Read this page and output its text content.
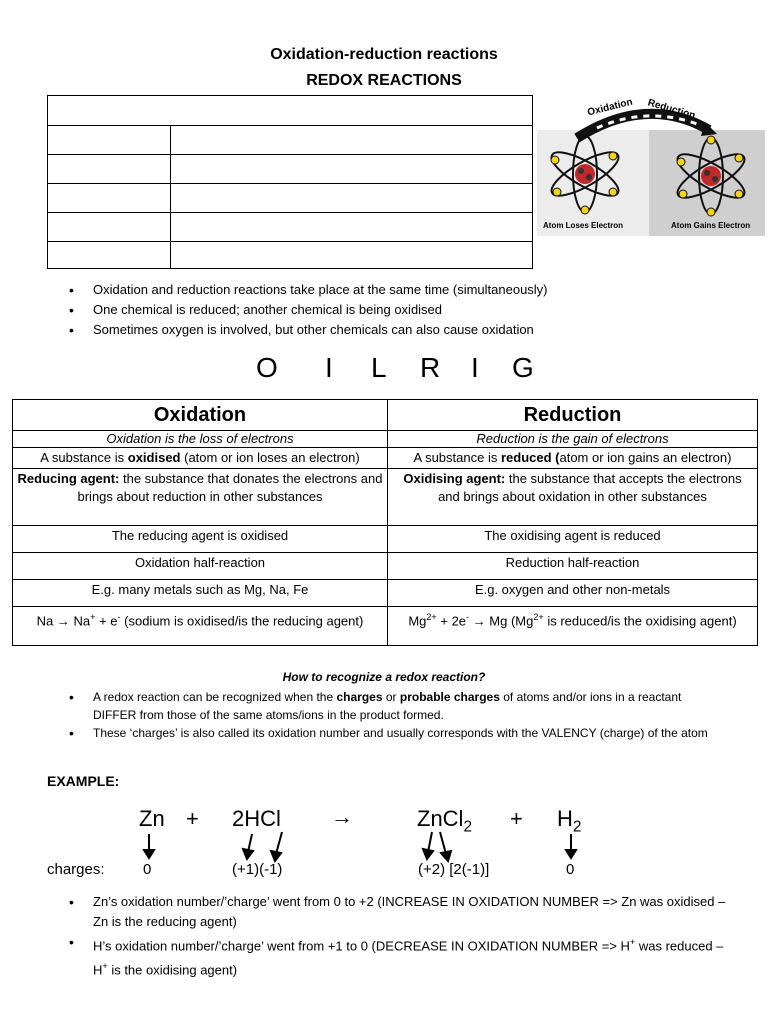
Oxidation-reduction reactions
REDOX REACTIONS
Oxidation Reduction
Atom Loses Electron	Atom Gains Electron
• Oxidation and reduction reactions take place at the same time (simultaneously)
• One chemical is reduced; another chemical is being oxidised
• Sometimes oxygen is involved, but other chemicals can also cause oxidation
O I L R I G
Oxidation	Reduction
Oxidation is the loss of electrons	Reduction is the gain of electrons
A substance is oxidised (atom or ion loses an electron)	A substance is reduced (atom or ion gains an electron)
Reducing agent: the substance that donates the electrons and brings about reduction in other substances	Oxidising agent: the substance that accepts the electrons and brings about oxidation in other substances
The reducing agent is oxidised	The oxidising agent is reduced
Oxidation half-reaction	Reduction half-reaction
E.g. many metals such as Mg, Na, Fe	E.g. oxygen and other non-metals
Na → Na+ + e- (sodium is oxidised/is the reducing agent)	$Mg^{2+} + 2e^- \to Mg$ ($Mg^{2+}$ is reduced/is the oxidising agent)
How to recognize a redox reaction?
• A redox reaction can be recognized when the charges or probable charges of atoms and/or ions in a reactant DIFFER from those of the same atoms/ions in the product formed.
• These ‘charges’ is also called its oxidation number and usually corresponds with the VALENCY (charge) of the atom
EXAMPLE:
Zn + 2HCl →	ZnCl$_2$ + $H_2$
charges:	0	(+1)(-1)	(+2) [2(-1)]	0
• Zn’s oxidation number/’charge’ went from 0 to +2 (INCREASE IN OXIDATION NUMBER => Zn was oxidised – Zn is the reducing agent)
• H’s oxidation number/’charge’ went from +1 to 0 (DECREASE IN OXIDATION NUMBER => H+ was reduced – H+ is the oxidising agent)
